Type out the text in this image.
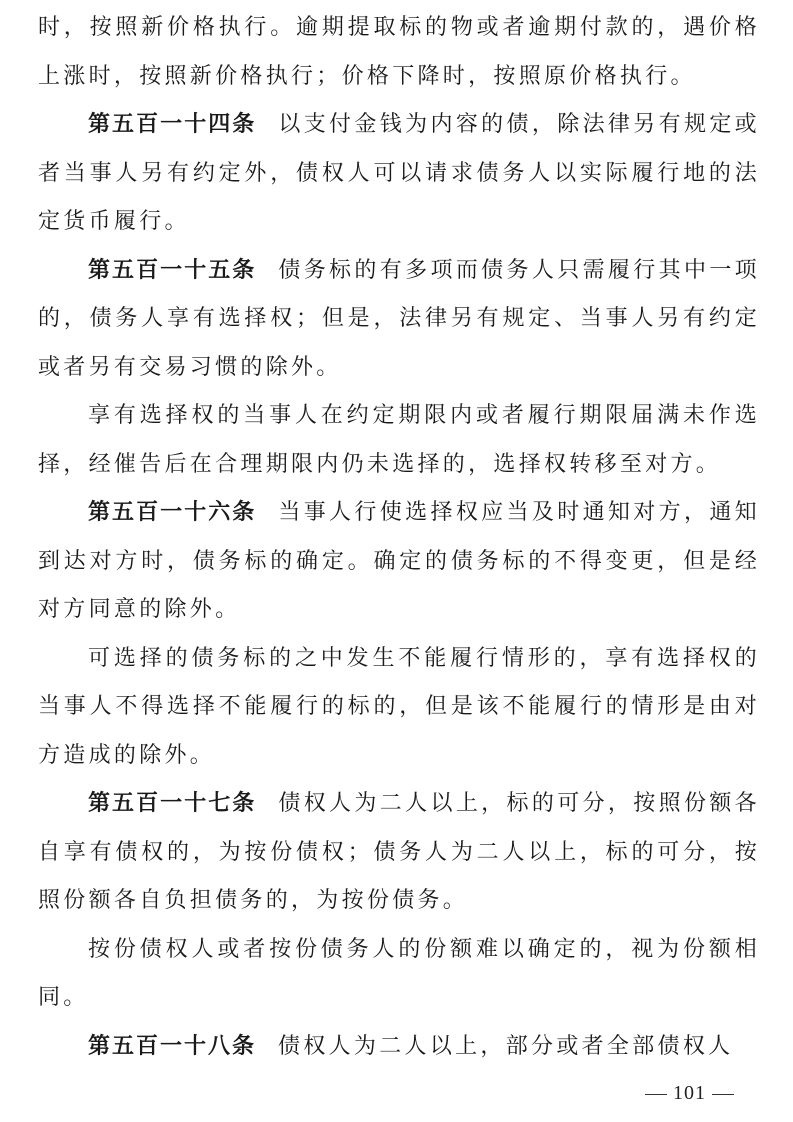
时，按照新价格执行。逾期提取标的物或者逾期付款的，遇价格上涨时，按照新价格执行；价格下降时，按照原价格执行。

第五百一十四条 以支付金钱为内容的债，除法律另有规定或者当事人另有约定外，债权人可以请求债务人以实际履行地的法定货币履行。

第五百一十五条 债务标的有多项而债务人只需履行其中一项的，债务人享有选择权；但是，法律另有规定、当事人另有约定或者另有交易习惯的除外。

享有选择权的当事人在约定期限内或者履行期限届满未作选择，经催告后在合理期限内仍未选择的，选择权转移至对方。

第五百一十六条 当事人行使选择权应当及时通知对方，通知到达对方时，债务标的确定。确定的债务标的不得变更，但是经对方同意的除外。

可选择的债务标的之中发生不能履行情形的，享有选择权的当事人不得选择不能履行的标的，但是该不能履行的情形是由对方造成的除外。

第五百一十七条 债权人为二人以上，标的可分，按照份额各自享有债权的，为按份债权；债务人为二人以上，标的可分，按照份额各自负担债务的，为按份债务。

按份债权人或者按份债务人的份额难以确定的，视为份额相同。

第五百一十八条 债权人为二人以上，部分或者全部债权人

101
